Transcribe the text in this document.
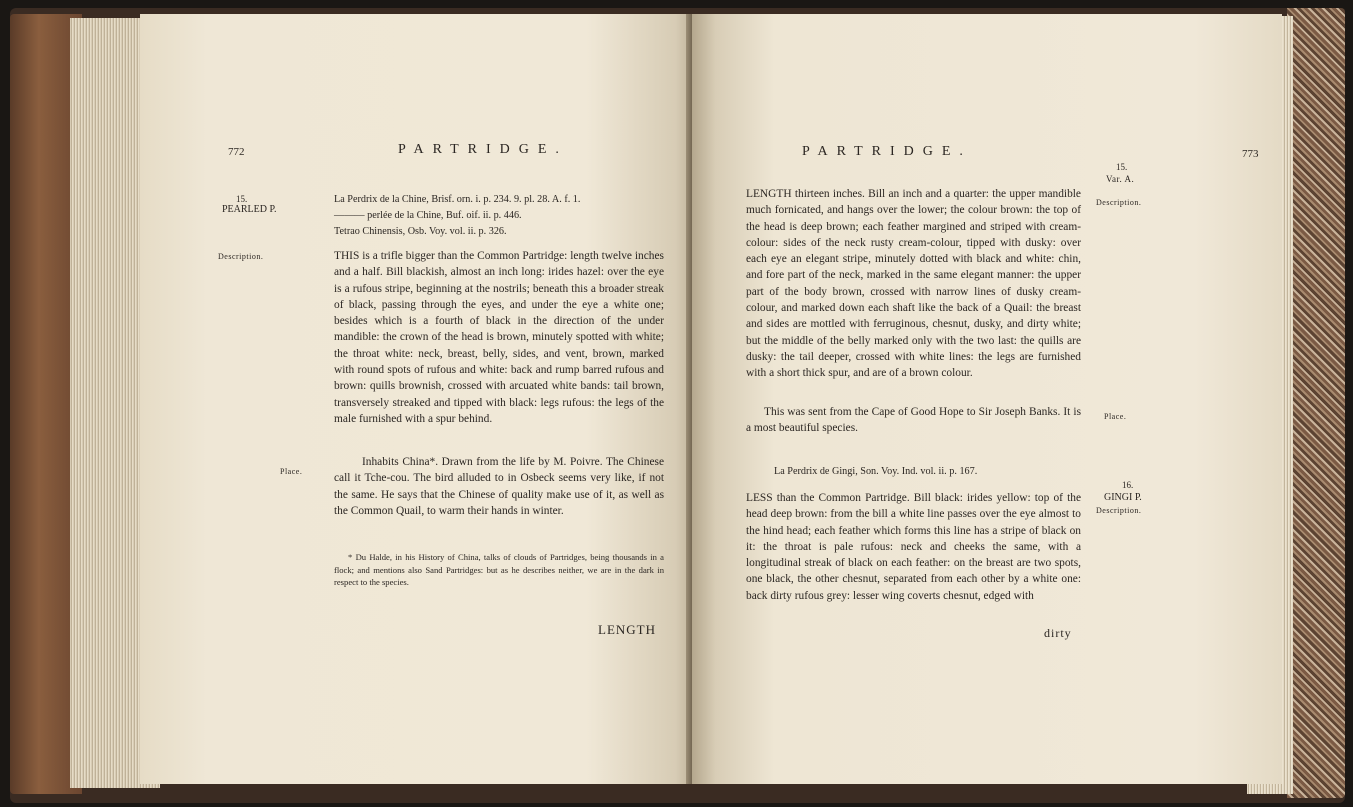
772	PARTRIDGE.
15.
PEARLED P.
Description.
Place.
La Perdrix de la Chine, Brisf. orn. i. p. 234. 9. pl. 28. A. f. 1.
——— perlée de la Chine, Buf. oif. ii. p. 446.
Tetrao Chinensis, Osb. Voy. vol. ii. p. 326.

THIS is a trifle bigger than the Common Partridge: length twelve inches and a half. Bill blackish, almost an inch long: irides hazel: over the eye is a rufous stripe, beginning at the nostrils; beneath this a broader streak of black, passing through the eyes, and under the eye a white one; besides which is a fourth of black in the direction of the under mandible: the crown of the head is brown, minutely spotted with white; the throat white: neck, breast, belly, sides, and vent, brown, marked with round spots of rufous and white: back and rump barred rufous and brown: quills brownish, crossed with arcuated white bands: tail brown, transversely streaked and tipped with black: legs rufous: the legs of the male furnished with a spur behind.

Inhabits China*. Drawn from the life by M. Poivre. The Chinese call it Tche-cou. The bird alluded to in Osbeck seems very like, if not the same. He says that the Chinese of quality make use of it, as well as the Common Quail, to warm their hands in winter.
* Du Halde, in his History of China, talks of clouds of Partridges, being thousands in a flock; and mentions also Sand Partridges: but as he describes neither, we are in the dark in respect to the species.
LENGTH
PARTRIDGE.	773
15.
Var. A.
Description.
Place.
16.
GINGI P.
Description.
LENGTH thirteen inches. Bill an inch and a quarter: the upper mandible much fornicated, and hangs over the lower; the colour brown: the top of the head is deep brown; each feather margined and striped with cream-colour: sides of the neck rusty cream-colour, tipped with dusky: over each eye an elegant stripe, minutely dotted with black and white: chin, and fore part of the neck, marked in the same elegant manner: the upper part of the body brown, crossed with narrow lines of dusky cream-colour, and marked down each shaft like the back of a Quail: the breast and sides are mottled with ferruginous, chesnut, dusky, and dirty white; but the middle of the belly marked only with the two last: the quills are dusky: the tail deeper, crossed with white lines: the legs are furnished with a short thick spur, and are of a brown colour.
This was sent from the Cape of Good Hope to Sir Joseph Banks. It is a most beautiful species.
La Perdrix de Gingi, Son. Voy. Ind. vol. ii. p. 167.
LESS than the Common Partridge. Bill black: irides yellow: top of the head deep brown: from the bill a white line passes over the eye almost to the hind head; each feather which forms this line has a stripe of black on it: the throat is pale rufous: neck and cheeks the same, with a longitudinal streak of black on each feather: on the breast are two spots, one black, the other chesnut, separated from each other by a white one: back dirty rufous grey: lesser wing coverts chesnut, edged with
dirty
